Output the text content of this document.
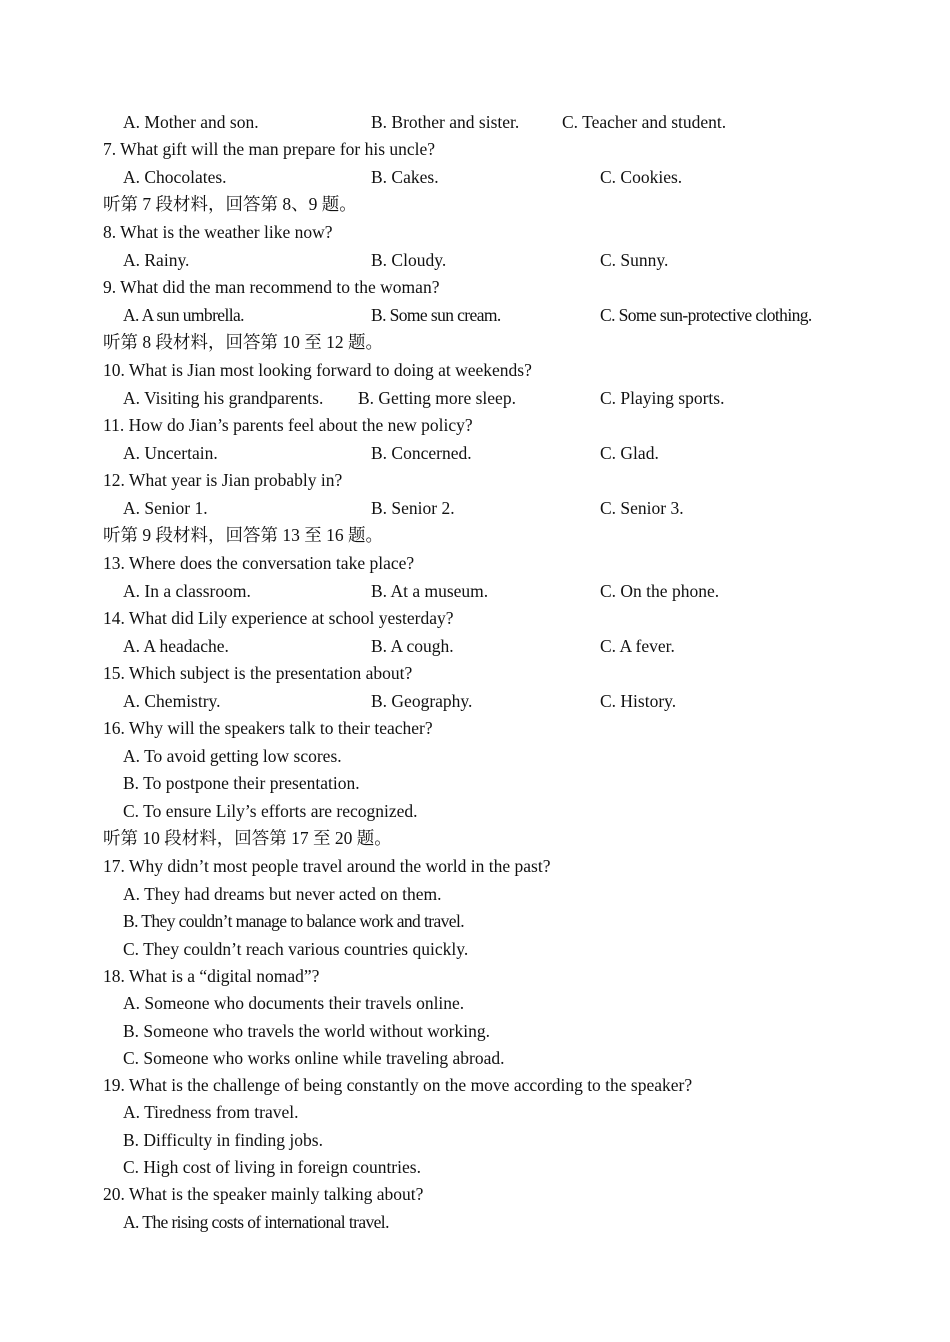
A. Mother and son.	B. Brother and sister. C. Teacher and student.
7. What gift will the man prepare for his uncle?
A. Chocolates.	B. Cakes.	C. Cookies.
听第 7 段材料，回答第 8、9 题。
8. What is the weather like now?
A. Rainy.	B. Cloudy.	C. Sunny.
9. What did the man recommend to the woman?
A. A sun umbrella.	B. Some sun cream.	C. Some sun-protective clothing.
听第 8 段材料，回答第 10 至 12 题。
10. What is Jian most looking forward to doing at weekends?
A. Visiting his grandparents. B. Getting more sleep.	C. Playing sports.
11. How do Jian’s parents feel about the new policy?
A. Uncertain.	B. Concerned.	C. Glad.
12. What year is Jian probably in?
A. Senior 1.	B. Senior 2.	C. Senior 3.
听第 9 段材料，回答第 13 至 16 题。
13. Where does the conversation take place?
A. In a classroom.	B. At a museum.	C. On the phone.
14. What did Lily experience at school yesterday?
A. A headache.	B. A cough.	C. A fever.
15. Which subject is the presentation about?
A. Chemistry.	B. Geography.	C. History.
16. Why will the speakers talk to their teacher?
A. To avoid getting low scores.
B. To postpone their presentation.
C. To ensure Lily’s efforts are recognized.
听第 10 段材料，回答第 17 至 20 题。
17. Why didn’t most people travel around the world in the past?
A. They had dreams but never acted on them.
B. They couldn’t manage to balance work and travel.
C. They couldn’t reach various countries quickly.
18. What is a “digital nomad”?
A. Someone who documents their travels online.
B. Someone who travels the world without working.
C. Someone who works online while traveling abroad.
19. What is the challenge of being constantly on the move according to the speaker?
A. Tiredness from travel.
B. Difficulty in finding jobs.
C. High cost of living in foreign countries.
20. What is the speaker mainly talking about?
A. The rising costs of international travel.
